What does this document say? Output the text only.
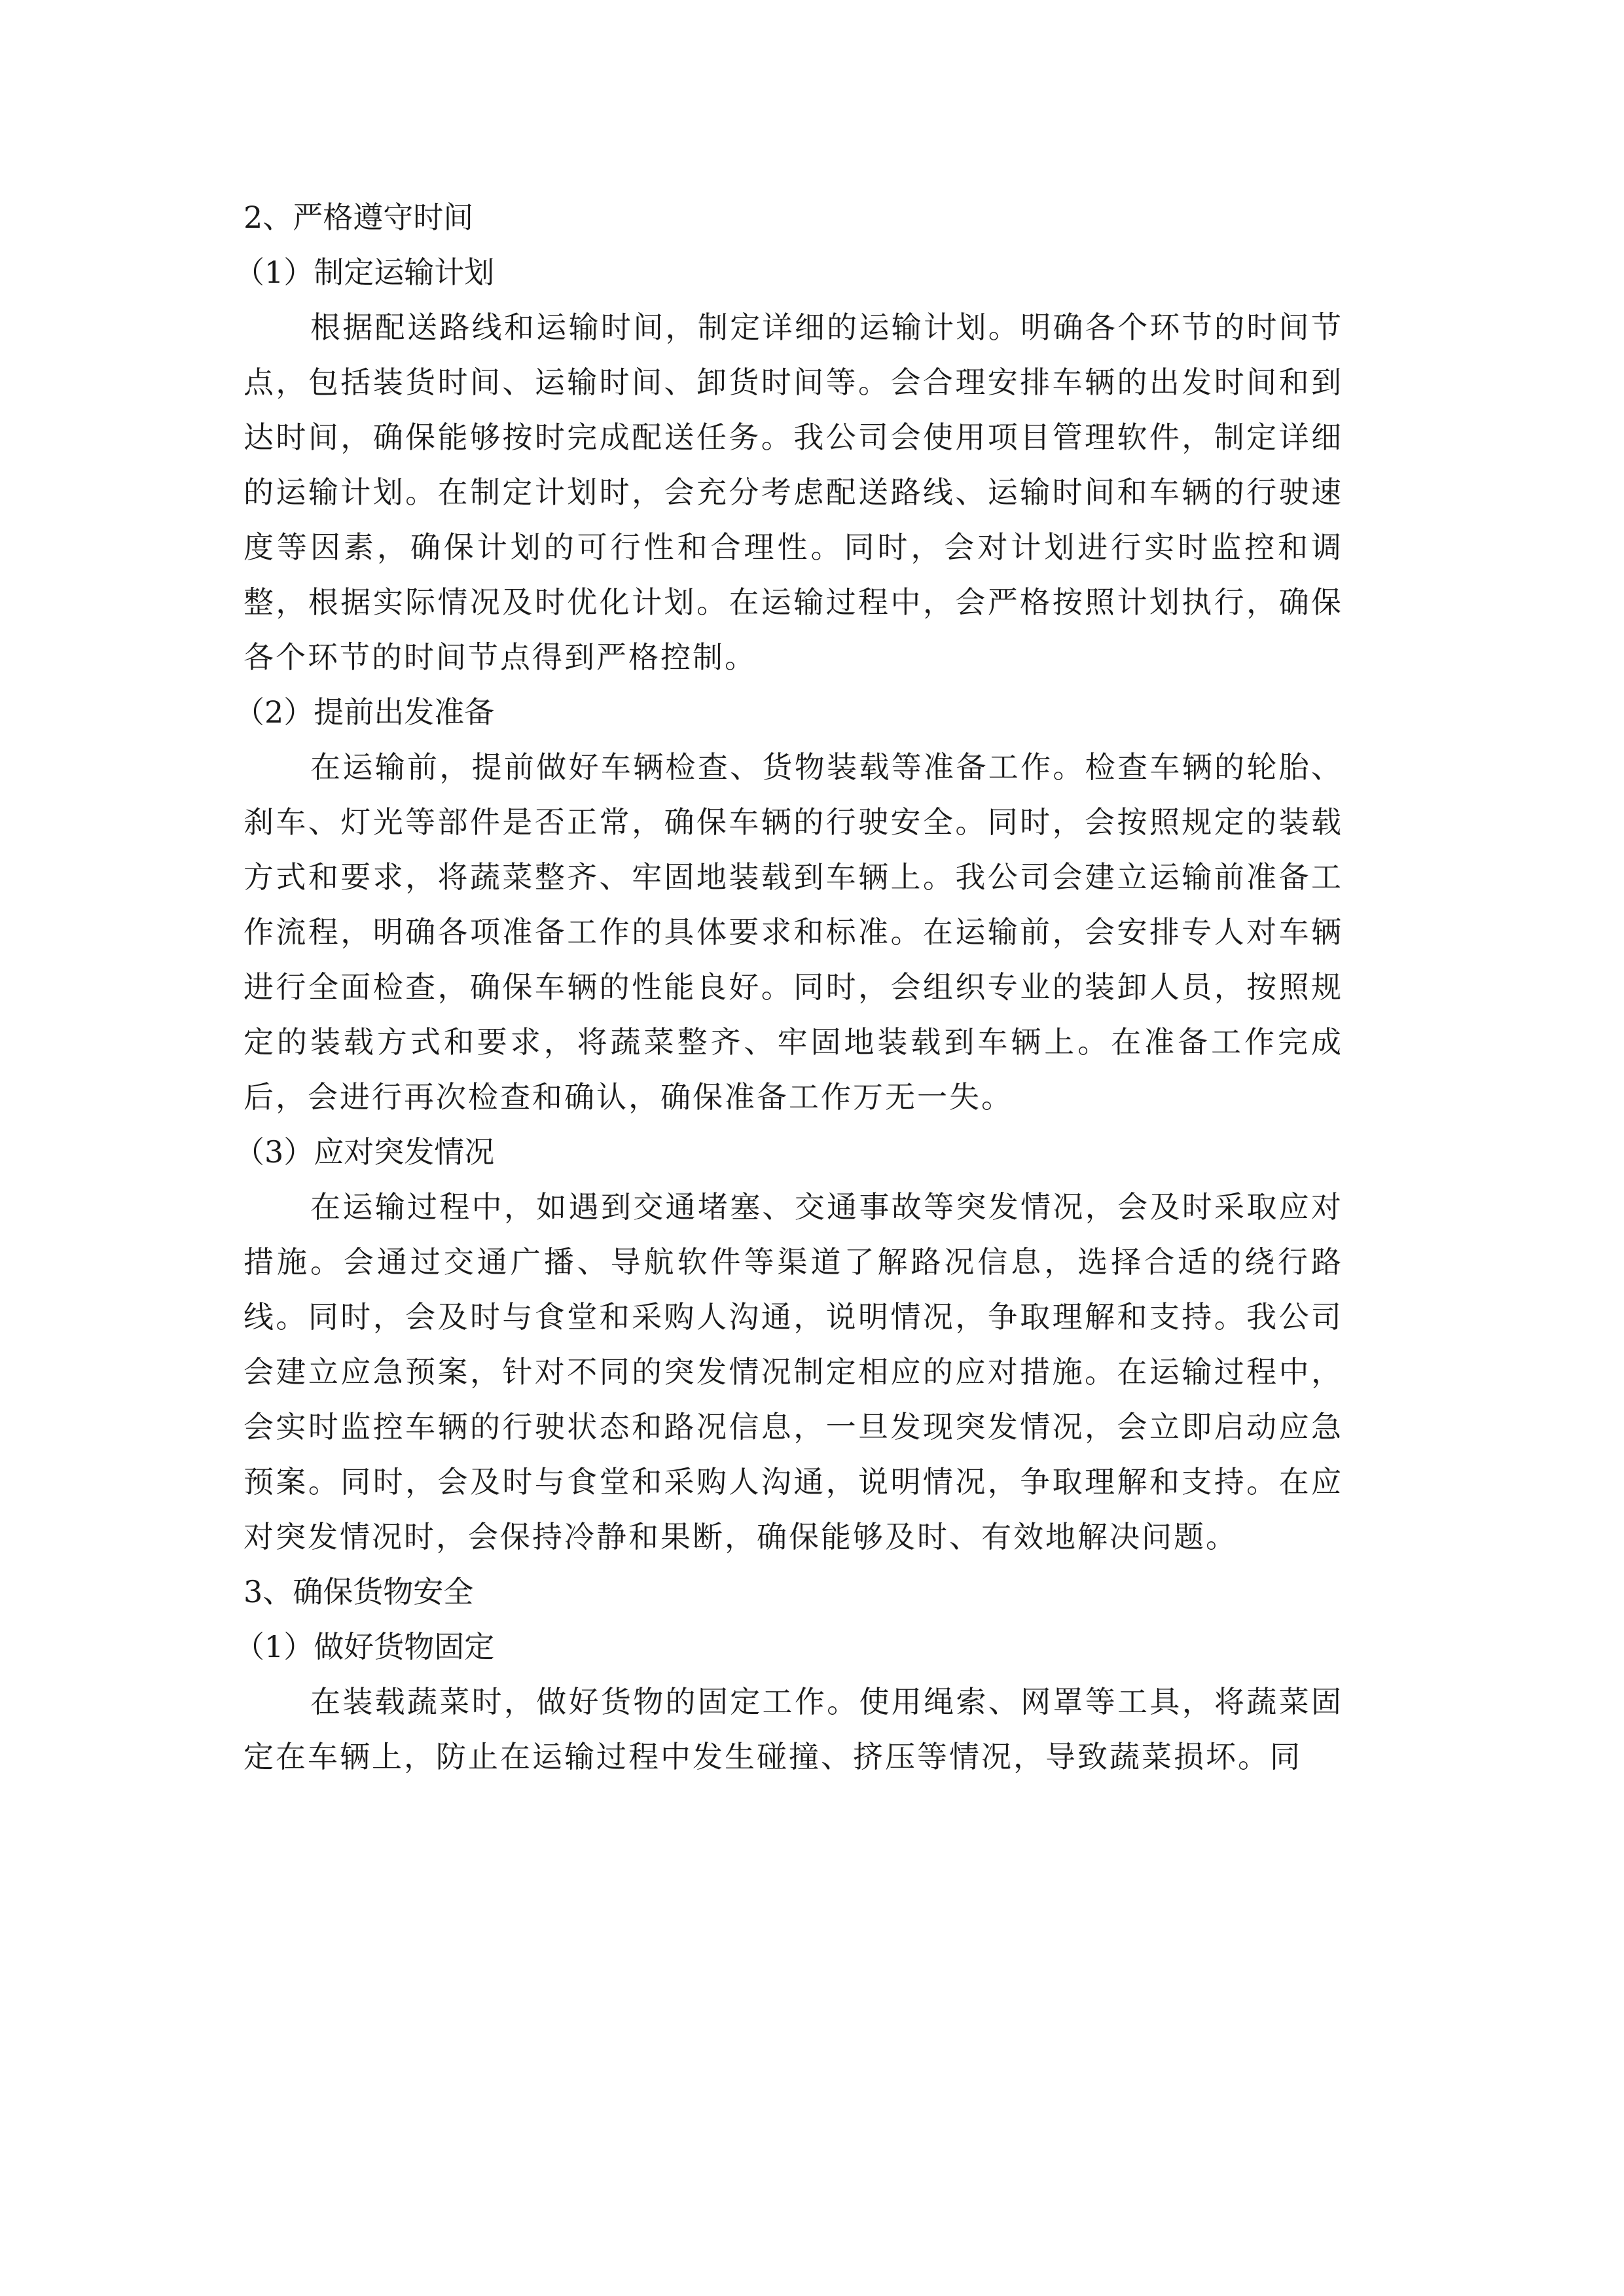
2、严格遵守时间
（1）制定运输计划

根据配送路线和运输时间，制定详细的运输计划。明确各个环节的时间节点，包括装货时间、运输时间、卸货时间等。会合理安排车辆的出发时间和到达时间，确保能够按时完成配送任务。我公司会使用项目管理软件，制定详细的运输计划。在制定计划时，会充分考虑配送路线、运输时间和车辆的行驶速度等因素，确保计划的可行性和合理性。同时，会对计划进行实时监控和调整，根据实际情况及时优化计划。在运输过程中，会严格按照计划执行，确保各个环节的时间节点得到严格控制。

（2）提前出发准备

在运输前，提前做好车辆检查、货物装载等准备工作。检查车辆的轮胎、刹车、灯光等部件是否正常，确保车辆的行驶安全。同时，会按照规定的装载方式和要求，将蔬菜整齐、牢固地装载到车辆上。我公司会建立运输前准备工作流程，明确各项准备工作的具体要求和标准。在运输前，会安排专人对车辆进行全面检查，确保车辆的性能良好。同时，会组织专业的装卸人员，按照规定的装载方式和要求，将蔬菜整齐、牢固地装载到车辆上。在准备工作完成后，会进行再次检查和确认，确保准备工作万无一失。

（3）应对突发情况

在运输过程中，如遇到交通堵塞、交通事故等突发情况，会及时采取应对措施。会通过交通广播、导航软件等渠道了解路况信息，选择合适的绕行路线。同时，会及时与食堂和采购人沟通，说明情况，争取理解和支持。我公司会建立应急预案，针对不同的突发情况制定相应的应对措施。在运输过程中，会实时监控车辆的行驶状态和路况信息，一旦发现突发情况，会立即启动应急预案。同时，会及时与食堂和采购人沟通，说明情况，争取理解和支持。在应对突发情况时，会保持冷静和果断，确保能够及时、有效地解决问题。

3、确保货物安全
（1）做好货物固定

在装载蔬菜时，做好货物的固定工作。使用绳索、网罩等工具，将蔬菜固定在车辆上，防止在运输过程中发生碰撞、挤压等情况，导致蔬菜损坏。同
